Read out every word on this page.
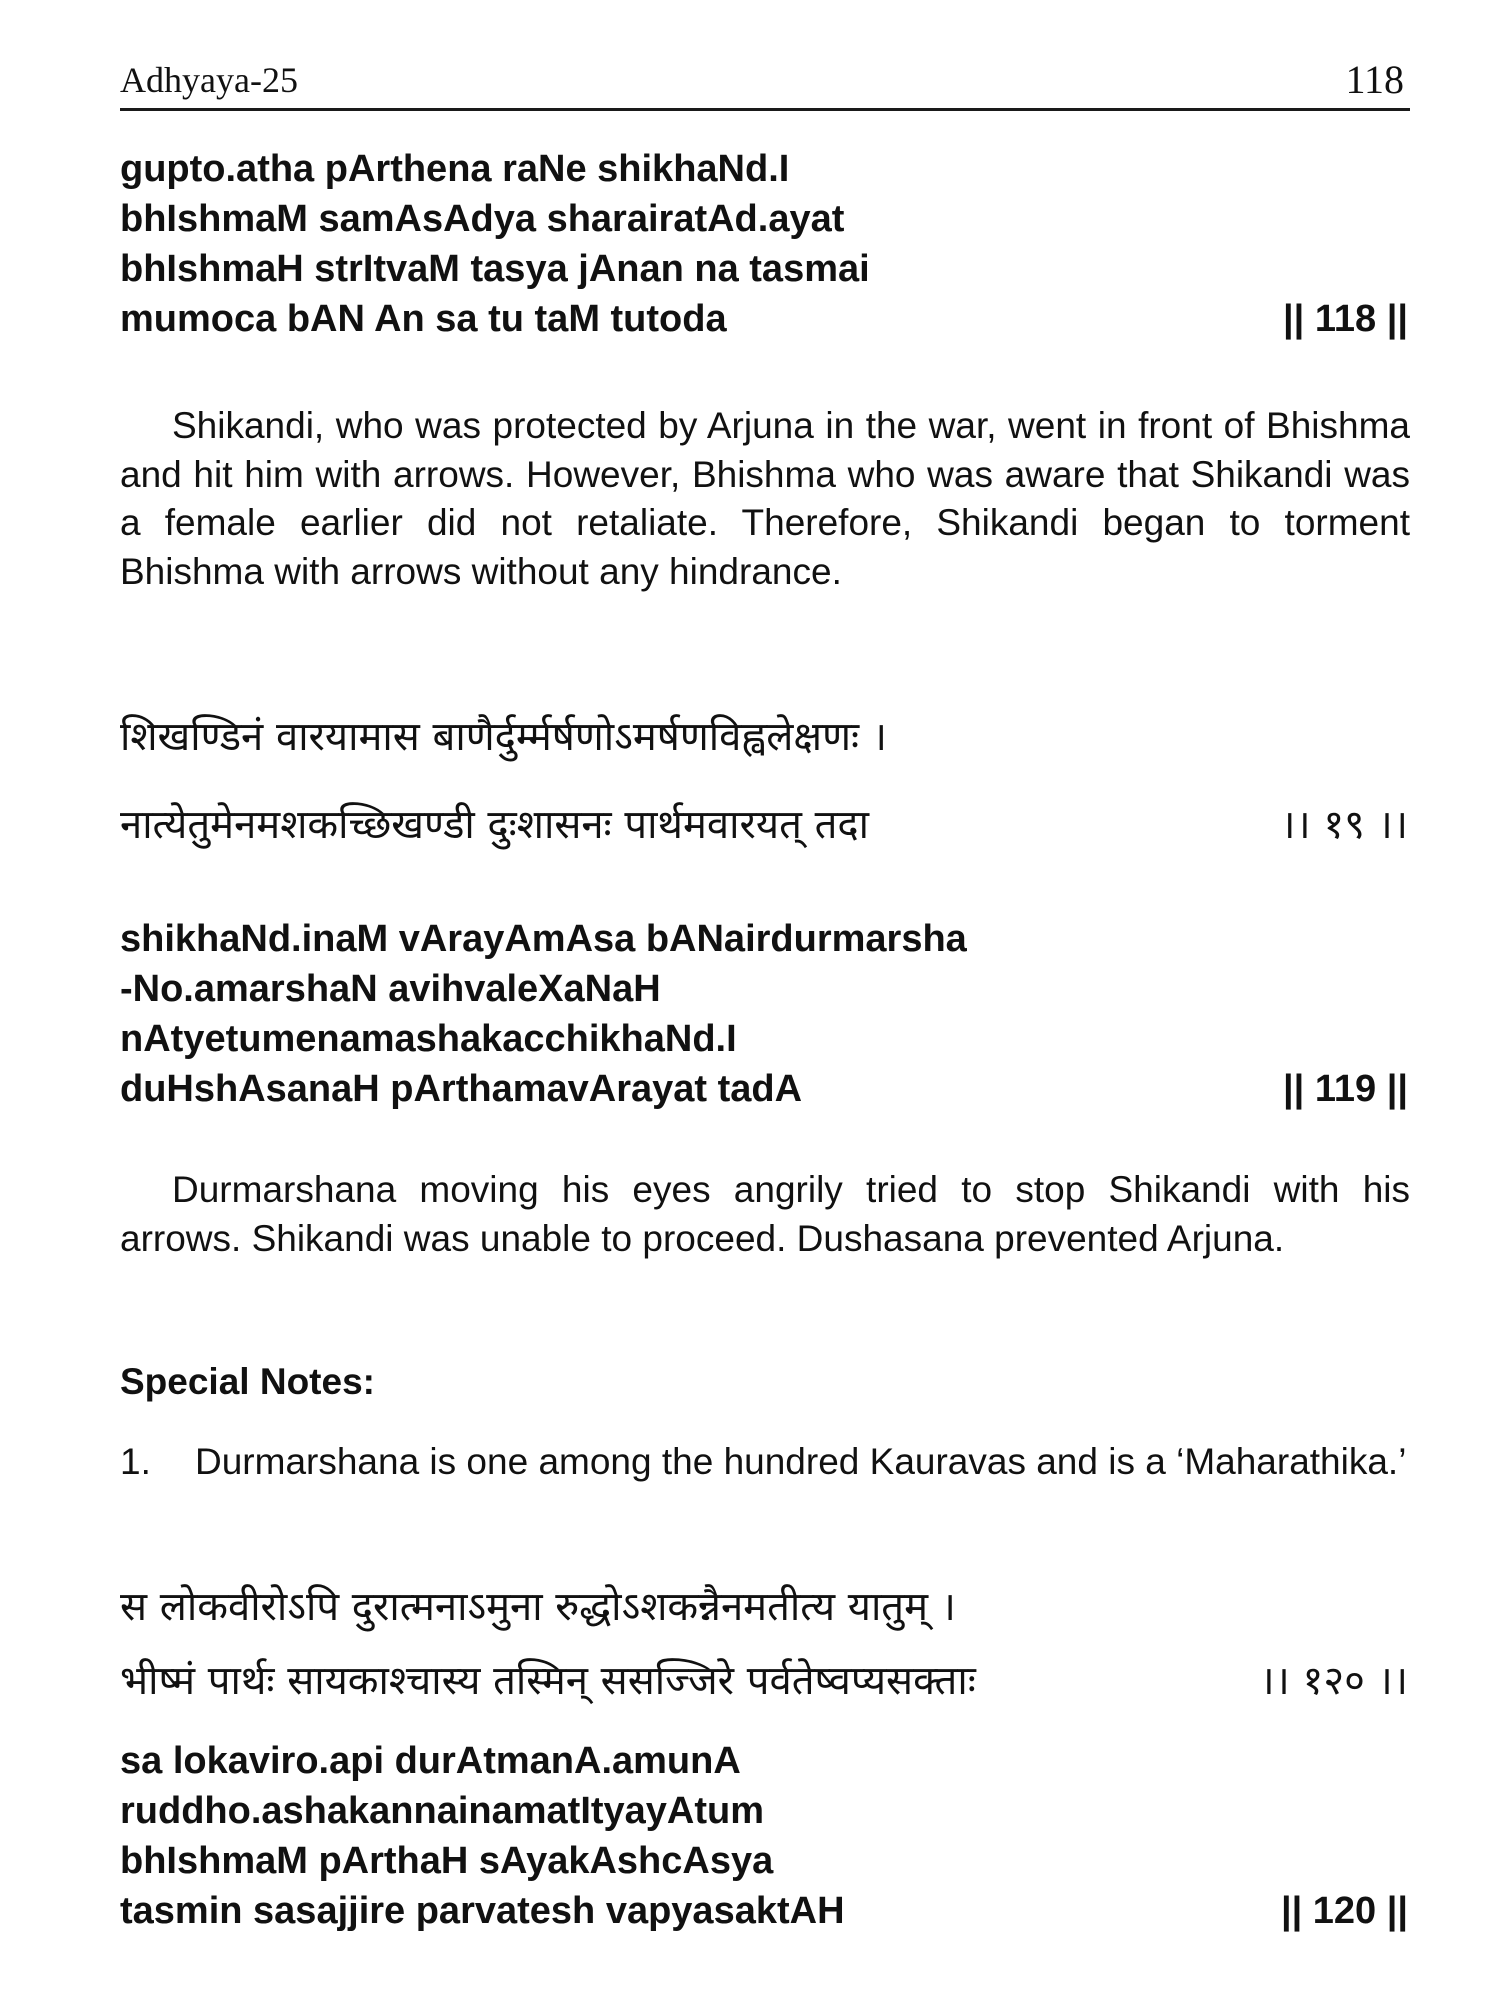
Adhyaya-25	118
gupto.atha pArthena raNe shikhaNd.I
bhIshmaM samAsAdya sharairatAd.ayat
bhIshmaH strItvaM tasya jAnan na tasmai
mumoca bAN An sa tu taM tutoda	|| 118 ||

Shikandi, who was protected by Arjuna in the war, went in front of Bhishma and hit him with arrows. However, Bhishma who was aware that Shikandi was a female earlier did not retaliate. Therefore, Shikandi began to torment Bhishma with arrows without any hindrance.

शिखण्डिनं वारयामास बाणैर्दुर्म्मर्षणोऽमर्षणविह्वलेक्षणः ।
नात्येतुमेनमशकच्छिखण्डी दुःशासनः पार्थमवारयत् तदा	।। १९ ।।
shikhaNd.inaM vArayAmAsa bANairdurmarsha
-No.amarshaN avihvaleXaNaH
nAtyetumenamashakacchikhaNd.I
duHshAsanaH pArthamavArayat tadA	|| 119 ||

Durmarshana moving his eyes angrily tried to stop Shikandi with his arrows. Shikandi was unable to proceed. Dushasana prevented Arjuna.

Special Notes:
1. Durmarshana is one among the hundred Kauravas and is a ‘Maharathika.’
स लोकवीरोऽपि दुरात्मनाऽमुना रुद्धोऽशकन्नैनमतीत्य यातुम् ।
भीष्मं पार्थः सायकाश्चास्य तस्मिन् ससज्जिरे पर्वतेष्वप्यसक्ताः	।। १२० ।।
sa lokaviro.api durAtmanA.amunA
ruddho.ashakannainamatItyayAtum
bhIshmaM pArthaH sAyakAshcAsya
tasmin sasajjire parvatesh vapyasaktAH	|| 120 ||
